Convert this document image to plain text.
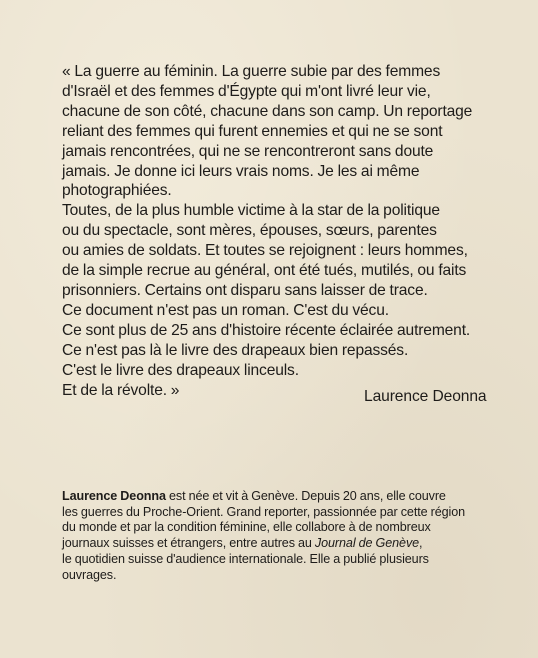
« La guerre au féminin. La guerre subie par des femmes
d'Israël et des femmes d'Égypte qui m'ont livré leur vie,
chacune de son côté, chacune dans son camp. Un reportage
reliant des femmes qui furent ennemies et qui ne se sont
jamais rencontrées, qui ne se rencontreront sans doute
jamais. Je donne ici leurs vrais noms. Je les ai même
photographiées.
Toutes, de la plus humble victime à la star de la politique
ou du spectacle, sont mères, épouses, sœurs, parentes
ou amies de soldats. Et toutes se rejoignent : leurs hommes,
de la simple recrue au général, ont été tués, mutilés, ou faits
prisonniers. Certains ont disparu sans laisser de trace.
Ce document n'est pas un roman. C'est du vécu.
Ce sont plus de 25 ans d'histoire récente éclairée autrement.
Ce n'est pas là le livre des drapeaux bien repassés.
C'est le livre des drapeaux linceuls.
Et de la révolte. »	Laurence Deonna
Laurence Deonna est née et vit à Genève. Depuis 20 ans, elle couvre
les guerres du Proche-Orient. Grand reporter, passionnée par cette région
du monde et par la condition féminine, elle collabore à de nombreux
journaux suisses et étrangers, entre autres au Journal de Genève,
le quotidien suisse d'audience internationale. Elle a publié plusieurs
ouvrages.
